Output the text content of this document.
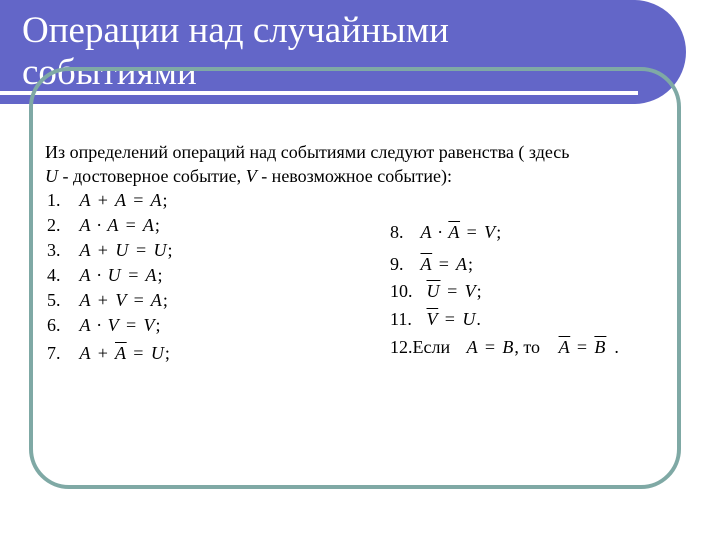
Операции над случайными событиями
Из определений операций над событиями следуют равенства ( здесь
U - достоверное событие, V - невозможное событие):
1. A + A = A;
2. A · A = A;
3. A + U = U;
4. A · U = A;
5. A + V = A;
6. A · V = V;
7. $A + \overline{A} = U$;
8. $A \cdot \overline{A} = V$;
9. $\overline{A} = A$;
10. $\overline{U} = V$;
11. $\overline{V} = U$.
12.Если A = B, то $\overline{A} = \overline{B}$ .
